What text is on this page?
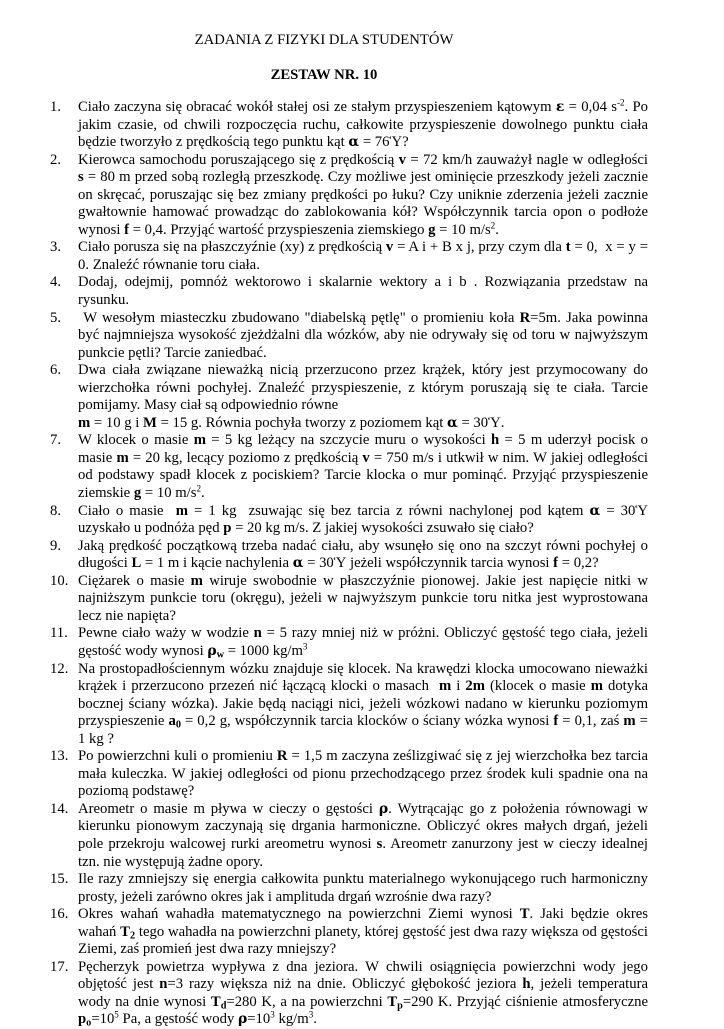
ZADANIA Z FIZYKI DLA STUDENTÓW
ZESTAW NR. 10
1. Ciało zaczyna się obracać wokół stałej osi ze stałym przyspieszeniem kątowym ε = 0,04 $s^{-2}$. Po jakim czasie, od chwili rozpoczęcia ruchu, całkowite przyspieszenie dowolnego punktu ciała będzie tworzyło z prędkością tego punktu kąt α = 76Ὑ?
2. Kierowca samochodu poruszającego się z prędkością v = 72 km/h zauważył nagle w odległości s = 80 m przed sobą rozległą przeszkodę. Czy możliwe jest ominięcie przeszkody jeżeli zacznie on skręcać, poruszając się bez zmiany prędkości po łuku? Czy uniknie zderzenia jeżeli zacznie gwałtownie hamować prowadząc do zablokowania kół? Współczynnik tarcia opon o podłoże wynosi f = 0,4. Przyjąć wartość przyspieszenia ziemskiego g = 10 $m/s^2$.
3. Ciało porusza się na płaszczyźnie (xy) z prędkością v = A i + B x j, przy czym dla t = 0,  x = y = 0. Znaleźć równanie toru ciała.
4. Dodaj, odejmij, pomnóż wektorowo i skalarnie wektory a i b . Rozwiązania przedstaw na rysunku.
5. W wesołym miasteczku zbudowano "diabelską pętlę" o promieniu koła R=5m. Jaka powinna być najmniejsza wysokość zjeżdżalni dla wózków, aby nie odrywały się od toru w najwyższym punkcie pętli? Tarcie zaniedbać.
6. Dwa ciała związane nieważką nicią przerzucono przez krążek, który jest przymocowany do wierzchołka równi pochyłej. Znaleźć przyspieszenie, z którym poruszają się te ciała. Tarcie pomijamy. Masy ciał są odpowiednio równe
m = 10 g i M = 15 g. Równia pochyła tworzy z poziomem kąt α = 30Ὑ.
7. W klocek o masie m = 5 kg leżący na szczycie muru o wysokości h = 5 m uderzył pocisk o masie m = 20 kg, lecący poziomo z prędkością v = 750 m/s i utkwił w nim. W jakiej odległości od podstawy spadł klocek z pociskiem? Tarcie klocka o mur pominąć. Przyjąć przyspieszenie ziemskie g = 10 $m/s^2$.
8. Ciało o masie  m = 1 kg  zsuwając się bez tarcia z równi nachylonej pod kątem α = 30Ὑ uzyskało u podnóża pęd p = 20 kg m/s. Z jakiej wysokości zsuwało się ciało?
9. Jaką prędkość początkową trzeba nadać ciału, aby wsunęło się ono na szczyt równi pochyłej o długości L = 1 m i kącie nachylenia α = 30Ὑ jeżeli współczynnik tarcia wynosi f = 0,2?
10. Ciężarek o masie m wiruje swobodnie w płaszczyźnie pionowej. Jakie jest napięcie nitki w najniższym punkcie toru (okręgu), jeżeli w najwyższym punkcie toru nitka jest wyprostowana lecz nie napięta?
11. Pewne ciało waży w wodzie n = 5 razy mniej niż w próżni. Obliczyć gęstość tego ciała, jeżeli gęstość wody wynosi $\rho_w = 1000$ $kg/m^3$
12. Na prostopadłościennym wózku znajduje się klocek. Na krawędzi klocka umocowano nieważki krążek i przerzucono przezeń nić łączącą klocki o masach  m i 2m (klocek o masie m dotyka bocznej ściany wózka). Jakie będą naciągi nici, jeżeli wózkowi nadano w kierunku poziomym przyspieszenie $a_0 = 0,2$ g, współczynnik tarcia klocków o ściany wózka wynosi f = 0,1, zaś m = 1 kg ?
13. Po powierzchni kuli o promieniu R = 1,5 m zaczyna ześlizgiwać się z jej wierzchołka bez tarcia mała kuleczka. W jakiej odległości od pionu przechodzącego przez środek kuli spadnie ona na poziomą podstawę?
14. Areometr o masie m pływa w cieczy o gęstości ρ. Wytrącając go z położenia równowagi w kierunku pionowym zaczynają się drgania harmoniczne. Obliczyć okres małych drgań, jeżeli pole przekroju walcowej rurki areometru wynosi s. Areometr zanurzony jest w cieczy idealnej tzn. nie występują żadne opory.
15. Ile razy zmniejszy się energia całkowita punktu materialnego wykonującego ruch harmoniczny prosty, jeżeli zarówno okres jak i amplituda drgań wzrośnie dwa razy?
16. Okres wahań wahadła matematycznego na powierzchni Ziemi wynosi T. Jaki będzie okres wahań $T_2$ tego wahadła na powierzchni planety, której gęstość jest dwa razy większa od gęstości Ziemi, zaś promień jest dwa razy mniejszy?
17. Pęcherzyk powietrza wypływa z dna jeziora. W chwili osiągnięcia powierzchni wody jego objętość jest n=3 razy większa niż na dnie. Obliczyć głębokość jeziora h, jeżeli temperatura wody na dnie wynosi $T_d=280$ K, a na powierzchni $T_p=290$ K. Przyjąć ciśnienie atmosferyczne $p_o=10^5$ Pa, a gęstość wody $\rho=10^3$ $kg/m^3$.
